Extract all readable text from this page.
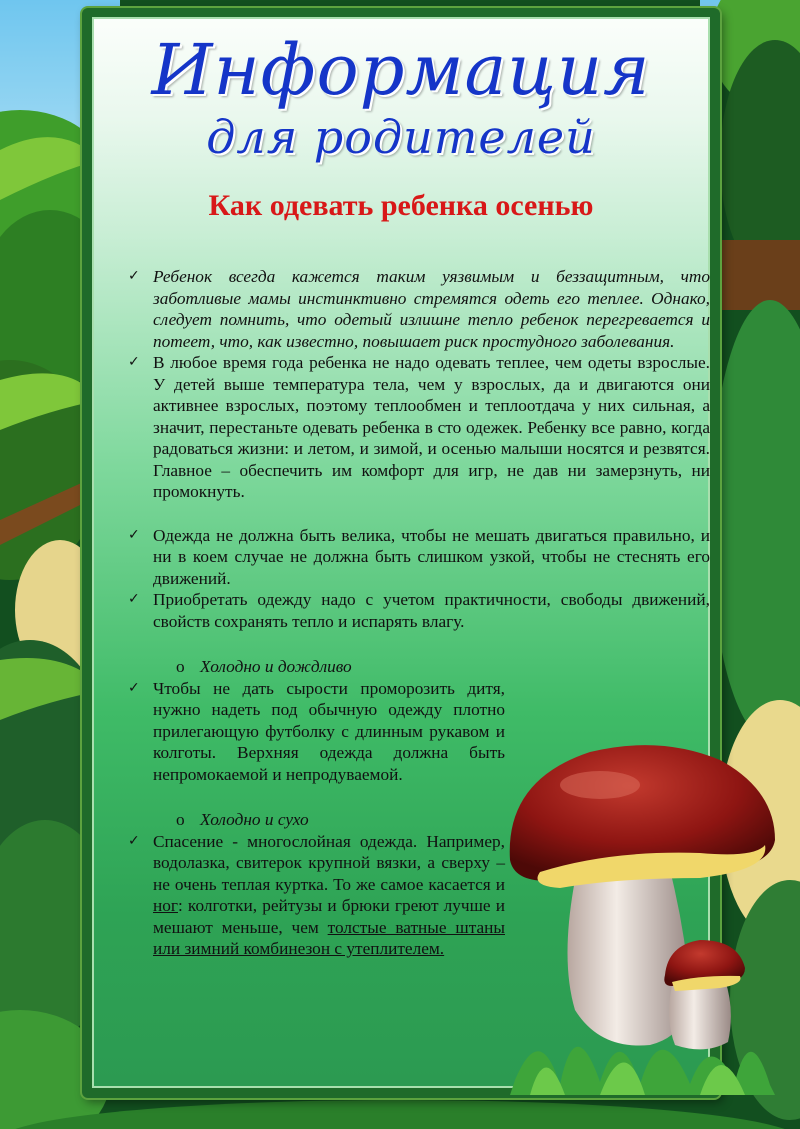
Информация
для родителей
Как одевать ребенка осенью
✓ Ребенок всегда кажется таким уязвимым и беззащитным, что заботливые мамы инстинктивно стремятся одеть его теплее. Однако, следует помнить, что одетый излишне тепло ребенок перегревается и потеет, что, как известно, повышает риск простудного заболевания.
✓ В любое время года ребенка не надо одевать теплее, чем одеты взрослые. У детей выше температура тела, чем у взрослых, да и двигаются они активнее взрослых, поэтому теплообмен и теплоотдача у них сильная, а значит, перестаньте одевать ребенка в сто одежек. Ребенку все равно, когда радоваться жизни: и летом, и зимой, и осенью малыши носятся и резвятся. Главное – обеспечить им комфорт для игр, не дав ни замерзнуть, ни промокнуть.
✓ Одежда не должна быть велика, чтобы не мешать двигаться правильно, и ни в коем случае не должна быть слишком узкой, чтобы не стеснять его движений.
✓ Приобретать одежду надо с учетом практичности, свободы движений, свойств сохранять тепло и испарять влагу.
o Холодно и дождливо
✓ Чтобы не дать сырости проморозить дитя, нужно надеть под обычную одежду плотно прилегающую футболку с длинным рукавом и колготы. Верхняя одежда должна быть непромокаемой и непродуваемой.
o Холодно и сухо
✓ Спасение - многослойная одежда. Например, водолазка, свитерок крупной вязки, а сверху – не очень теплая куртка. То же самое касается и ног: колготки, рейтузы и брюки греют лучше и мешают меньше, чем толстые ватные штаны или зимний комбинезон с утеплителем.
